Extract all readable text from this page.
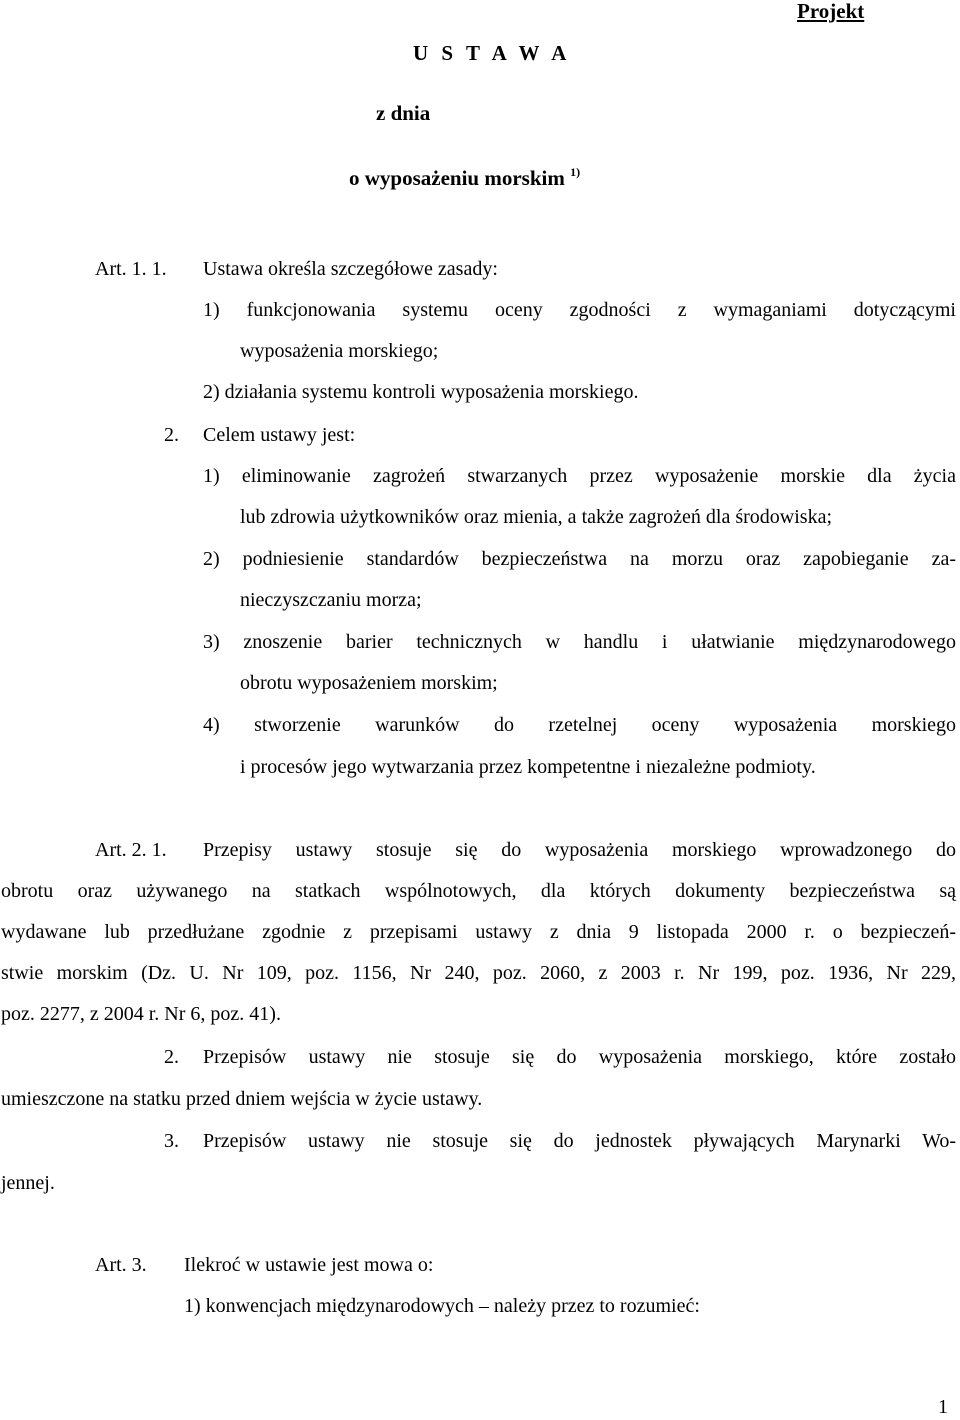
Projekt
U S T A W A
z dnia
o wyposażeniu morskim $^{1)}$
Art. 1. 1. Ustawa określa szczegółowe zasady:
1) funkcjonowania systemu oceny zgodności z wymaganiami dotyczącymi
wyposażenia morskiego;
2) działania systemu kontroli wyposażenia morskiego.
2. Celem ustawy jest:
1) eliminowanie zagrożeń stwarzanych przez wyposażenie morskie dla życia
lub zdrowia użytkowników oraz mienia, a także zagrożeń dla środowiska;
2) podniesienie standardów bezpieczeństwa na morzu oraz zapobieganie za-
nieczyszczaniu morza;
3) znoszenie barier technicznych w handlu i ułatwianie międzynarodowego
obrotu wyposażeniem morskim;
4) stworzenie warunków do rzetelnej oceny wyposażenia morskiego
i procesów jego wytwarzania przez kompetentne i niezależne podmioty.
Art. 2. 1. Przepisy ustawy stosuje się do wyposażenia morskiego wprowadzonego do
obrotu oraz używanego na statkach wspólnotowych, dla których dokumenty bezpieczeństwa są
wydawane lub przedłużane zgodnie z przepisami ustawy z dnia 9 listopada 2000 r. o bezpieczeń-
stwie morskim (Dz. U. Nr 109, poz. 1156, Nr 240, poz. 2060, z 2003 r. Nr 199, poz. 1936, Nr 229,
poz. 2277, z 2004 r. Nr 6, poz. 41).
2. Przepisów ustawy nie stosuje się do wyposażenia morskiego, które zostało
umieszczone na statku przed dniem wejścia w życie ustawy.
3. Przepisów ustawy nie stosuje się do jednostek pływających Marynarki Wo-
jennej.
Art. 3. Ilekroć w ustawie jest mowa o:
1) konwencjach międzynarodowych – należy przez to rozumieć:
1
